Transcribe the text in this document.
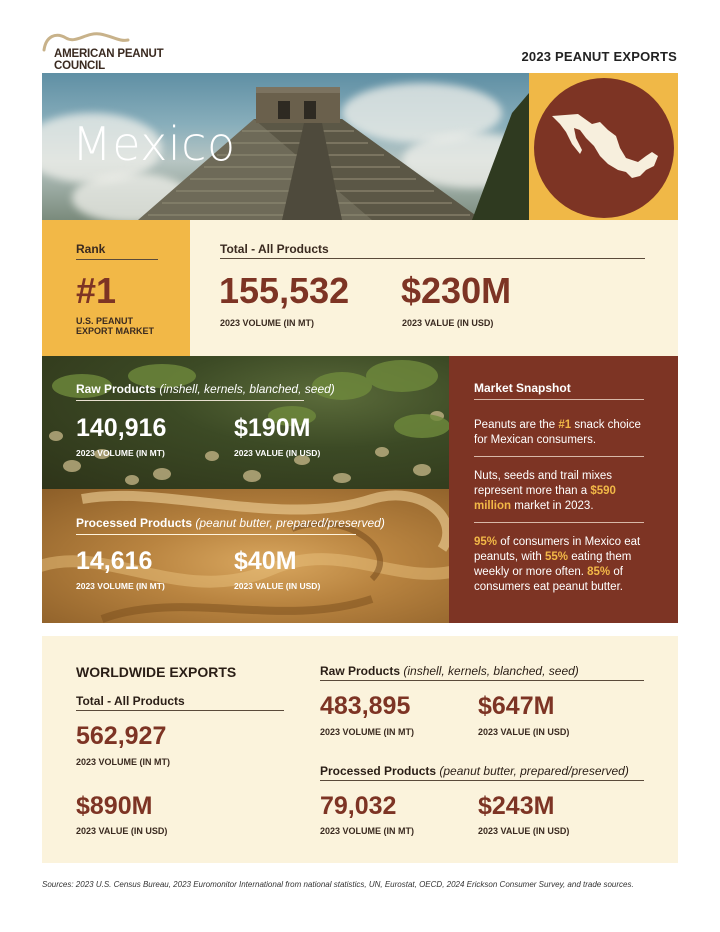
AMERICAN PEANUT COUNCIL
2023 PEANUT EXPORTS
Mexico
Rank
#1
U.S. PEANUT
EXPORT MARKET
Total - All Products
155,532
2023 VOLUME (IN MT)
$230M
2023 VALUE (IN USD)
Raw Products (inshell, kernels, blanched, seed)
140,916
2023 VOLUME (IN MT)
$190M
2023 VALUE (IN USD)
Processed Products (peanut butter, prepared/preserved)
14,616
2023 VOLUME (IN MT)
$40M
2023 VALUE (IN USD)
Market Snapshot
Peanuts are the #1 snack choice for Mexican consumers.
Nuts, seeds and trail mixes represent more than a $590 million market in 2023.
95% of consumers in Mexico eat peanuts, with 55% eating them weekly or more often. 85% of consumers eat peanut butter.
WORLDWIDE EXPORTS
Total - All Products
562,927
2023 VOLUME (IN MT)
$890M
2023 VALUE (IN USD)
Raw Products (inshell, kernels, blanched, seed)
483,895
2023 VOLUME (IN MT)
$647M
2023 VALUE (IN USD)
Processed Products (peanut butter, prepared/preserved)
79,032
2023 VOLUME (IN MT)
$243M
2023 VALUE (IN USD)
Sources: 2023 U.S. Census Bureau, 2023 Euromonitor International from national statistics, UN, Eurostat, OECD, 2024 Erickson Consumer Survey, and trade sources.
